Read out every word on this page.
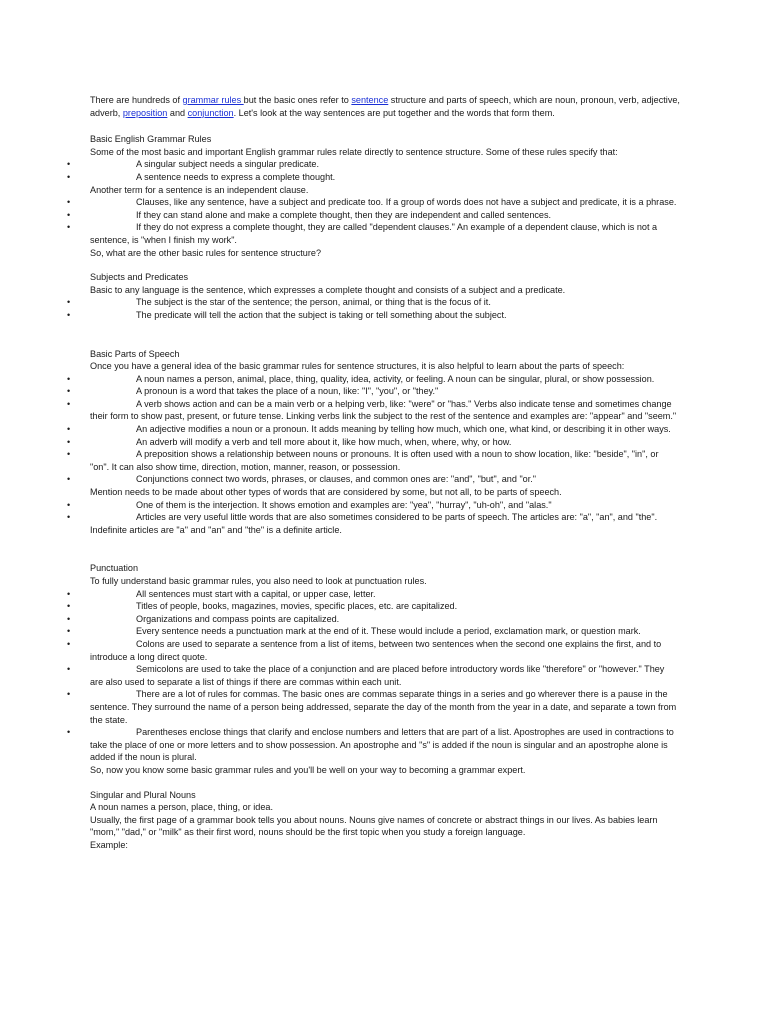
There are hundreds of grammar rules but the basic ones refer to sentence structure and parts of speech, which are noun, pronoun, verb, adjective, adverb, preposition and conjunction. Let's look at the way sentences are put together and the words that form them.

Basic English Grammar Rules

Some of the most basic and important English grammar rules relate directly to sentence structure. Some of these rules specify that:

•	A singular subject needs a singular predicate.
•	A sentence needs to express a complete thought.

Another term for a sentence is an independent clause.

•	Clauses, like any sentence, have a subject and predicate too. If a group of words does not have a subject and predicate, it is a phrase.
•	If they can stand alone and make a complete thought, then they are independent and called sentences.
•	If they do not express a complete thought, they are called "dependent clauses." An example of a dependent clause, which is not a sentence, is "when I finish my work".

So, what are the other basic rules for sentence structure?

Subjects and Predicates

Basic to any language is the sentence, which expresses a complete thought and consists of a subject and a predicate.

•	The subject is the star of the sentence; the person, animal, or thing that is the focus of it.
•	The predicate will tell the action that the subject is taking or tell something about the subject.

Basic Parts of Speech

Once you have a general idea of the basic grammar rules for sentence structures, it is also helpful to learn about the parts of speech:

•	A noun names a person, animal, place, thing, quality, idea, activity, or feeling. A noun can be singular, plural, or show possession.
•	A pronoun is a word that takes the place of a noun, like: "I", "you", or "they."
•	A verb shows action and can be a main verb or a helping verb, like: "were" or "has." Verbs also indicate tense and sometimes change their form to show past, present, or future tense. Linking verbs link the subject to the rest of the sentence and examples are: "appear" and "seem."
•	An adjective modifies a noun or a pronoun. It adds meaning by telling how much, which one, what kind, or describing it in other ways.
•	An adverb will modify a verb and tell more about it, like how much, when, where, why, or how.
•	A preposition shows a relationship between nouns or pronouns. It is often used with a noun to show location, like: "beside", "in", or "on". It can also show time, direction, motion, manner, reason, or possession.
•	Conjunctions connect two words, phrases, or clauses, and common ones are: "and", "but", and "or."

Mention needs to be made about other types of words that are considered by some, but not all, to be parts of speech.

•	One of them is the interjection. It shows emotion and examples are: "yea", "hurray", "uh-oh", and "alas."
•	Articles are very useful little words that are also sometimes considered to be parts of speech. The articles are: "a", "an", and "the". Indefinite articles are "a" and "an" and "the" is a definite article.

Punctuation

To fully understand basic grammar rules, you also need to look at punctuation rules.

•	All sentences must start with a capital, or upper case, letter.
•	Titles of people, books, magazines, movies, specific places, etc. are capitalized.
•	Organizations and compass points are capitalized.
•	Every sentence needs a punctuation mark at the end of it. These would include a period, exclamation mark, or question mark.
•	Colons are used to separate a sentence from a list of items, between two sentences when the second one explains the first, and to introduce a long direct quote.
•	Semicolons are used to take the place of a conjunction and are placed before introductory words like "therefore" or "however." They are also used to separate a list of things if there are commas within each unit.
•	There are a lot of rules for commas. The basic ones are commas separate things in a series and go wherever there is a pause in the sentence. They surround the name of a person being addressed, separate the day of the month from the year in a date, and separate a town from the state.
•	Parentheses enclose things that clarify and enclose numbers and letters that are part of a list. Apostrophes are used in contractions to take the place of one or more letters and to show possession. An apostrophe and "s" is added if the noun is singular and an apostrophe alone is added if the noun is plural.

So, now you know some basic grammar rules and you'll be well on your way to becoming a grammar expert.

Singular and Plural Nouns

A noun names a person, place, thing, or idea.

Usually, the first page of a grammar book tells you about nouns. Nouns give names of concrete or abstract things in our lives. As babies learn "mom," "dad," or "milk" as their first word, nouns should be the first topic when you study a foreign language.

Example:
